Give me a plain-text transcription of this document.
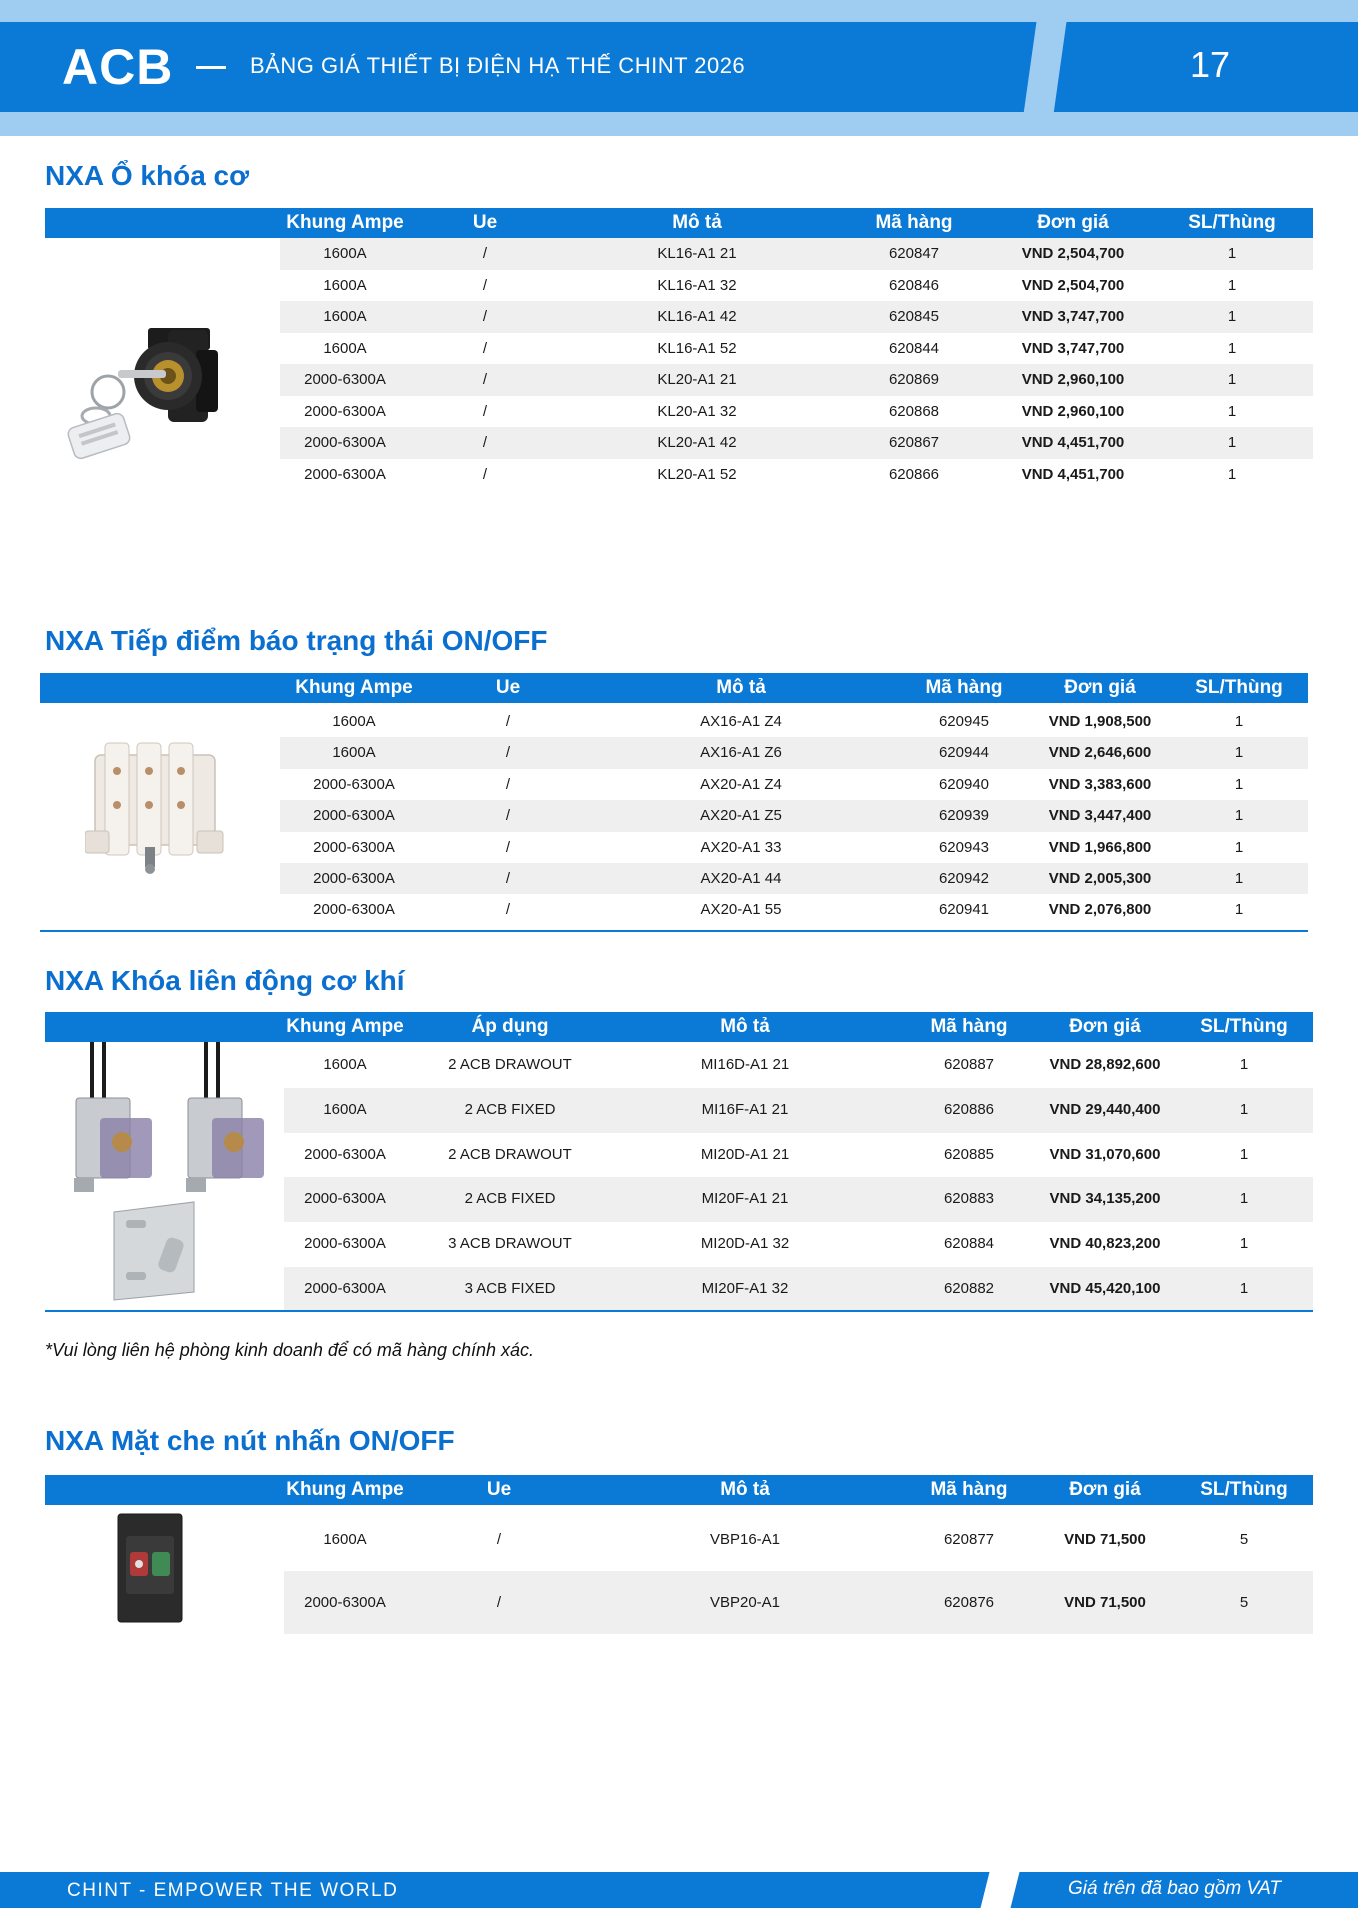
ACB	BẢNG GIÁ THIẾT BỊ ĐIỆN HẠ THẾ CHINT 2026	17
NXA Ổ khóa cơ
Khung Ampe	Ue	Mô tả	Mã hàng	Đơn giá	SL/Thùng
1600A	/	KL16-A1 21	620847	VND 2,504,700	1
1600A	/	KL16-A1 32	620846	VND 2,504,700	1
1600A	/	KL16-A1 42	620845	VND 3,747,700	1
1600A	/	KL16-A1 52	620844	VND 3,747,700	1
2000-6300A	/	KL20-A1 21	620869	VND 2,960,100	1
2000-6300A	/	KL20-A1 32	620868	VND 2,960,100	1
2000-6300A	/	KL20-A1 42	620867	VND 4,451,700	1
2000-6300A	/	KL20-A1 52	620866	VND 4,451,700	1
NXA Tiếp điểm báo trạng thái ON/OFF
Khung Ampe	Ue	Mô tả	Mã hàng	Đơn giá	SL/Thùng
1600A	/	AX16-A1 Z4	620945	VND 1,908,500	1
1600A	/	AX16-A1 Z6	620944	VND 2,646,600	1
2000-6300A	/	AX20-A1 Z4	620940	VND 3,383,600	1
2000-6300A	/	AX20-A1 Z5	620939	VND 3,447,400	1
2000-6300A	/	AX20-A1 33	620943	VND 1,966,800	1
2000-6300A	/	AX20-A1 44	620942	VND 2,005,300	1
2000-6300A	/	AX20-A1 55	620941	VND 2,076,800	1
NXA Khóa liên động cơ khí
Khung Ampe	Áp dụng	Mô tả	Mã hàng	Đơn giá	SL/Thùng
1600A	2 ACB DRAWOUT	MI16D-A1 21	620887	VND 28,892,600	1
1600A	2 ACB FIXED	MI16F-A1 21	620886	VND 29,440,400	1
2000-6300A	2 ACB DRAWOUT	MI20D-A1 21	620885	VND 31,070,600	1
2000-6300A	2 ACB FIXED	MI20F-A1 21	620883	VND 34,135,200	1
2000-6300A	3 ACB DRAWOUT	MI20D-A1 32	620884	VND 40,823,200	1
2000-6300A	3 ACB FIXED	MI20F-A1 32	620882	VND 45,420,100	1
*Vui lòng liên hệ phòng kinh doanh để có mã hàng chính xác.
NXA Mặt che nút nhấn ON/OFF
Khung Ampe	Ue	Mô tả	Mã hàng	Đơn giá	SL/Thùng
1600A	/	VBP16-A1	620877	VND 71,500	5
2000-6300A	/	VBP20-A1	620876	VND 71,500	5
CHINT - EMPOWER THE WORLD	Giá trên đã bao gồm VAT
